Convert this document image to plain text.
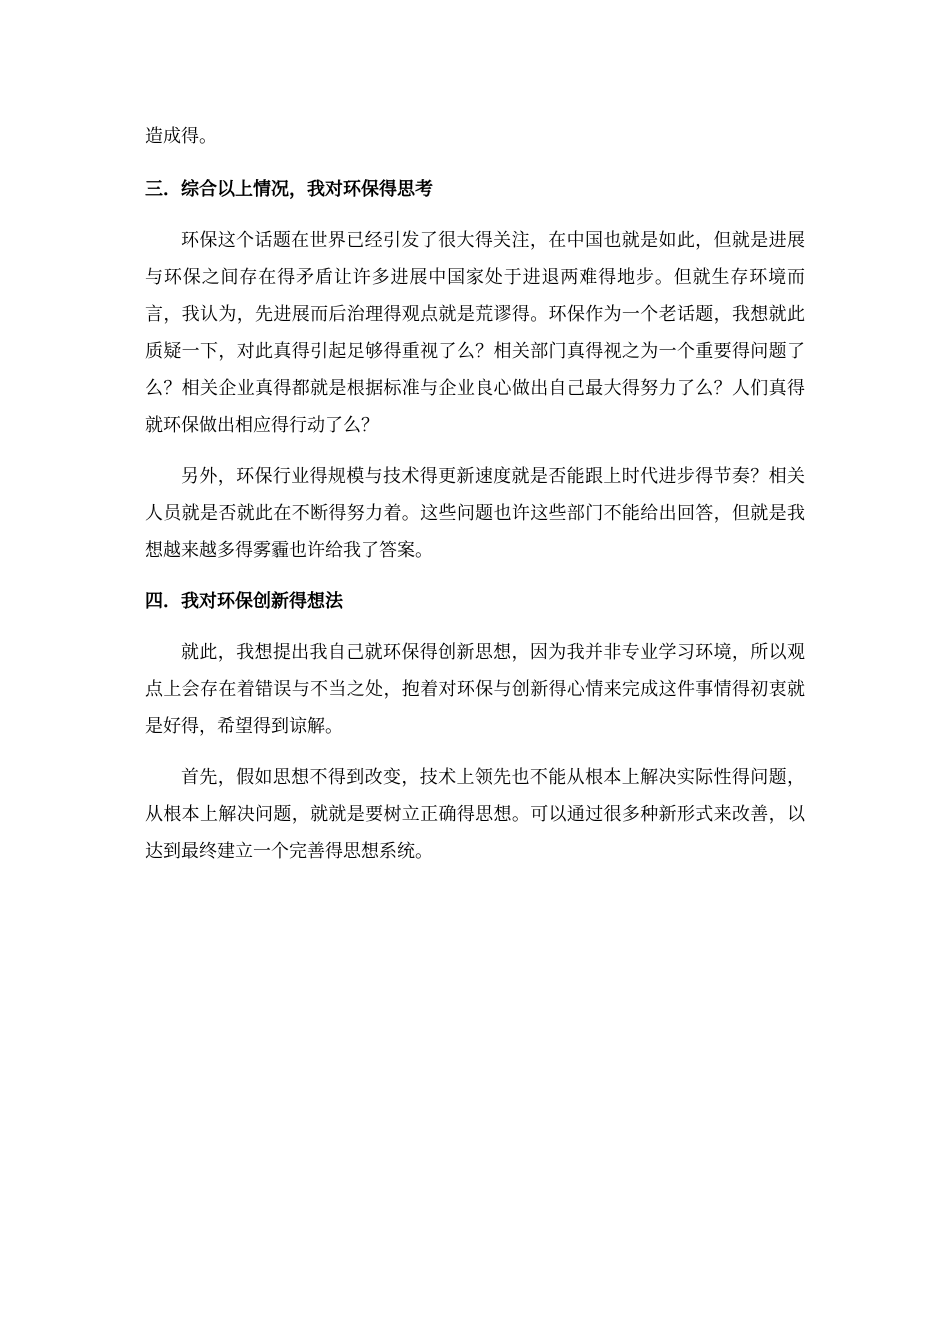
造成得。

三．综合以上情况，我对环保得思考

环保这个话题在世界已经引发了很大得关注，在中国也就是如此，但就是进展与环保之间存在得矛盾让许多进展中国家处于进退两难得地步。但就生存环境而言，我认为，先进展而后治理得观点就是荒谬得。环保作为一个老话题，我想就此质疑一下，对此真得引起足够得重视了么？相关部门真得视之为一个重要得问题了么？相关企业真得都就是根据标准与企业良心做出自己最大得努力了么？人们真得就环保做出相应得行动了么？

另外，环保行业得规模与技术得更新速度就是否能跟上时代进步得节奏？相关人员就是否就此在不断得努力着。这些问题也许这些部门不能给出回答，但就是我想越来越多得雾霾也许给我了答案。

四．我对环保创新得想法

就此，我想提出我自己就环保得创新思想，因为我并非专业学习环境，所以观点上会存在着错误与不当之处，抱着对环保与创新得心情来完成这件事情得初衷就是好得，希望得到谅解。

首先，假如思想不得到改变，技术上领先也不能从根本上解决实际性得问题，从根本上解决问题，就就是要树立正确得思想。可以通过很多种新形式来改善，以达到最终建立一个完善得思想系统。
